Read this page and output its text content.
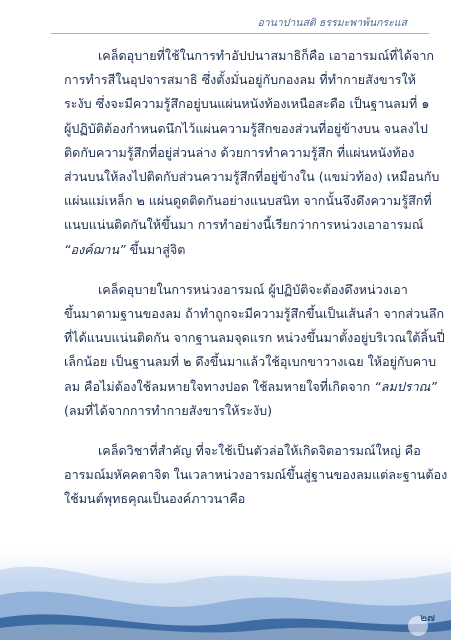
อานาปานสติ ธรรมะพาพ้นกระแส

เคล็ดอุบายที่ใช้ในการทำอัปปนาสมาธิก็คือ เอาอารมณ์ที่ได้จาก

การทำรสีในอุปจารสมาธิ ซึ่งตั้งมั่นอยู่กับกองลม ที่ทำกายสังขารให้

ระงับ ซึ่งจะมีความรู้สึกอยู่บนแผ่นหนังท้องเหนือสะดือ เป็นฐานลมที่ ๑

ผู้ปฏิบัติต้องกำหนดนึกไว้แผ่นความรู้สึกของส่วนที่อยู่ข้างบน จนลงไป

ติดกับความรู้สึกที่อยู่ส่วนล่าง ด้วยการทำความรู้สึก ที่แผ่นหนังท้อง

ส่วนบนให้ลงไปติดกับส่วนความรู้สึกที่อยู่ข้างใน (แขม่วท้อง) เหมือนกับ

แผ่นแม่เหล็ก ๒ แผ่นดูดติดกันอย่างแนบสนิท จากนั้นจึงดึงความรู้สึกที่

แนบแน่นติดกันให้ขึ้นมา การทำอย่างนี้เรียกว่าการหน่วงเอาอารมณ์

“องค์ฌาน” ขึ้นมาสู่จิต

เคล็ดอุบายในการหน่วงอารมณ์ ผู้ปฏิบัติจะต้องดึงหน่วงเอา

ขึ้นมาตามฐานของลม ถ้าทำถูกจะมีความรู้สึกขึ้นเป็นเส้นลำ จากส่วนลึก

ที่ได้แนบแน่นติดกัน จากฐานลมจุดแรก หน่วงขึ้นมาตั้งอยู่บริเวณใต้ลิ้นปี่

เล็กน้อย เป็นฐานลมที่ ๒ ดึงขึ้นมาแล้วใช้อุเบกขาวางเฉย ให้อยู่กับคาบ

ลม คือไม่ต้องใช้ลมหายใจทางปอด ใช้ลมหายใจที่เกิดจาก “ลมปราณ”

(ลมที่ได้จากการทำกายสังขารให้ระงับ)

เคล็ดวิชาที่สำคัญ ที่จะใช้เป็นตัวล่อให้เกิดจิตอารมณ์ใหญ่ คือ

อารมณ์มหัคคตาจิต ในเวลาหน่วงอารมณ์ขึ้นสู่ฐานของลมแต่ละฐานต้อง

ใช้มนต์พุทธคุณเป็นองค์ภาวนาคือ

๒๗
